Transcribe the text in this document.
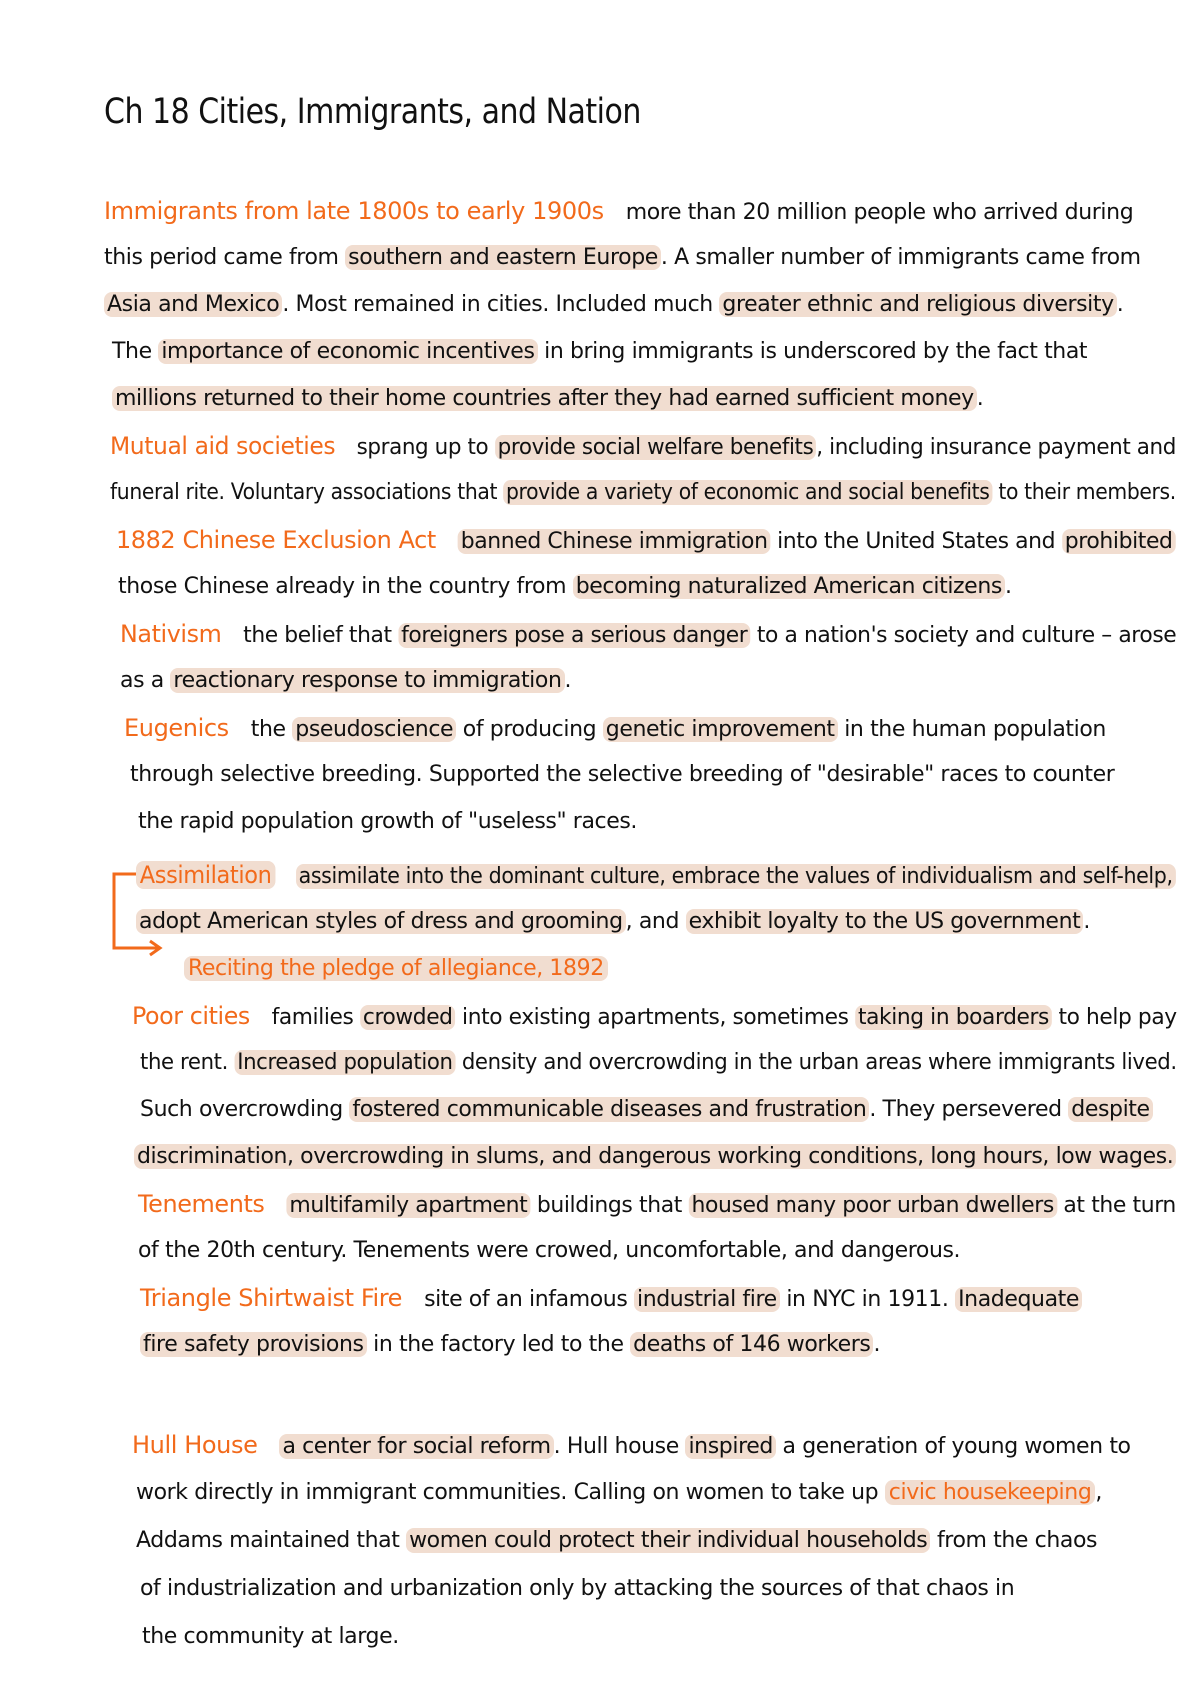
Ch 18 Cities, Immigrants, and Nation
Immigrants from late 1800s to early 1900s more than 20 million people who arrived during
this period came from southern and eastern Europe . A smaller number of immigrants came from
Asia and Mexico . Most remained in cities. Included much greater ethnic and religious diversity .
The importance of economic incentives in bring immigrants is underscored by the fact that
millions returned to their home countries after they had earned sufficient money .
Mutual aid societies sprang up to provide social welfare benefits , including insurance payment and
funeral rite. Voluntary associations that provide a variety of economic and social benefits to their members.
1882 Chinese Exclusion Act banned Chinese immigration into the United States and prohibited
those Chinese already in the country from becoming naturalized American citizens .
Nativism the belief that foreigners pose a serious danger to a nation's society and culture – arose
as a reactionary response to immigration .
Eugenics the pseudoscience of producing genetic improvement in the human population
through selective breeding. Supported the selective breeding of "desirable" races to counter
the rapid population growth of "useless" races.
Assimilation assimilate into the dominant culture, embrace the values of individualism and self-help,
adopt American styles of dress and grooming , and exhibit loyalty to the US government .
Reciting the pledge of allegiance, 1892
Poor cities families crowded into existing apartments, sometimes taking in boarders to help pay
the rent. Increased population density and overcrowding in the urban areas where immigrants lived.
Such overcrowding fostered communicable diseases and frustration . They persevered despite
discrimination, overcrowding in slums, and dangerous working conditions, long hours, low wages.
Tenements multifamily apartment buildings that housed many poor urban dwellers at the turn
of the 20th century. Tenements were crowed, uncomfortable, and dangerous.
Triangle Shirtwaist Fire site of an infamous industrial fire in NYC in 1911. Inadequate
fire safety provisions in the factory led to the deaths of 146 workers .
Hull House a center for social reform . Hull house inspired a generation of young women to
work directly in immigrant communities. Calling on women to take up civic housekeeping ,
Addams maintained that women could protect their individual households from the chaos
of industrialization and urbanization only by attacking the sources of that chaos in
the community at large.
